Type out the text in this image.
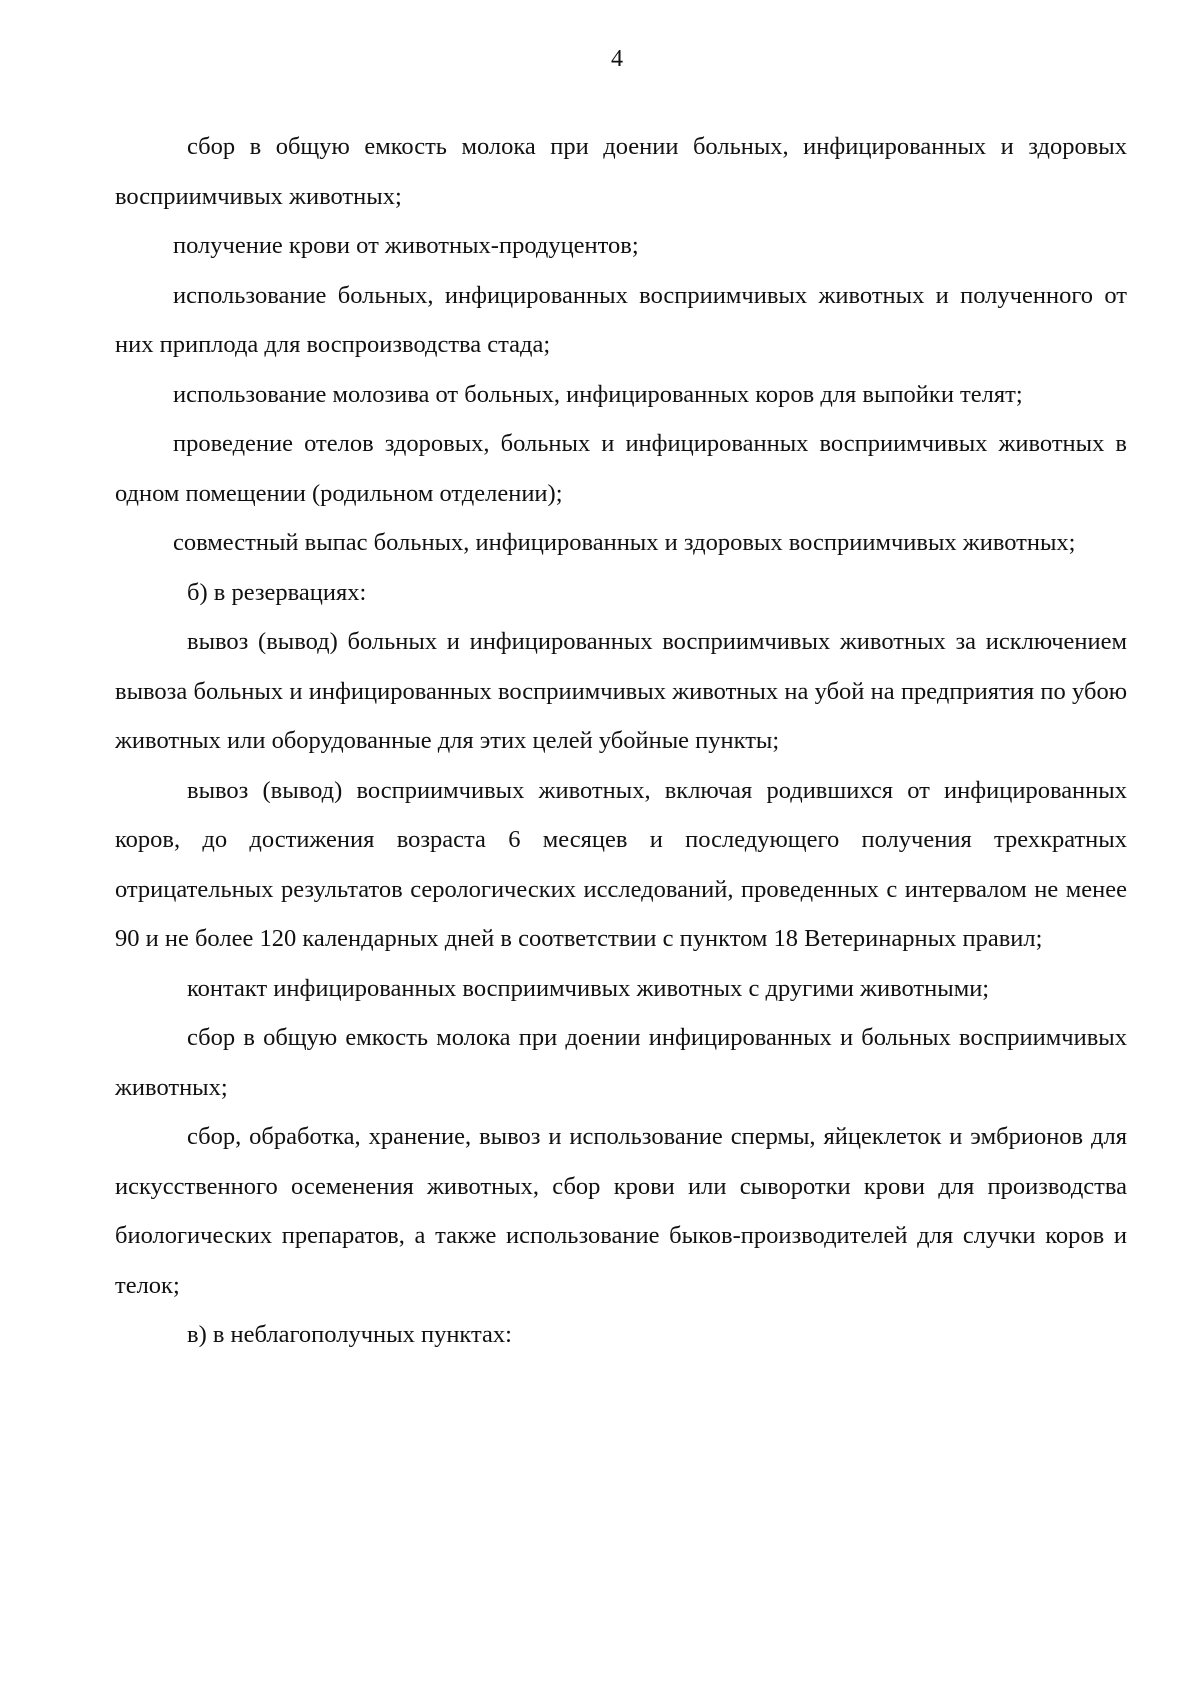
4

сбор в общую емкость молока при доении больных, инфицированных и здоровых восприимчивых животных;

получение крови от животных-продуцентов;

использование больных, инфицированных восприимчивых животных и полученного от них приплода для воспроизводства стада;

использование молозива от больных, инфицированных коров для выпойки телят;

проведение отелов здоровых, больных и инфицированных восприимчивых животных в одном помещении (родильном отделении);

совместный выпас больных, инфицированных и здоровых восприимчивых животных;

б) в резервациях:

вывоз (вывод) больных и инфицированных восприимчивых животных за исключением вывоза больных и инфицированных восприимчивых животных на убой на предприятия по убою животных или оборудованные для этих целей убойные пункты;

вывоз (вывод) восприимчивых животных, включая родившихся от инфицированных коров, до достижения возраста 6 месяцев и последующего получения трехкратных отрицательных результатов серологических исследований, проведенных с интервалом не менее 90 и не более 120 календарных дней в соответствии с пунктом 18 Ветеринарных правил;

контакт инфицированных восприимчивых животных с другими животными;

сбор в общую емкость молока при доении инфицированных и больных восприимчивых животных;

сбор, обработка, хранение, вывоз и использование спермы, яйцеклеток и эмбрионов для искусственного осеменения животных, сбор крови или сыворотки крови для производства биологических препаратов, а также использование быков-производителей для случки коров и телок;

в) в неблагополучных пунктах:
